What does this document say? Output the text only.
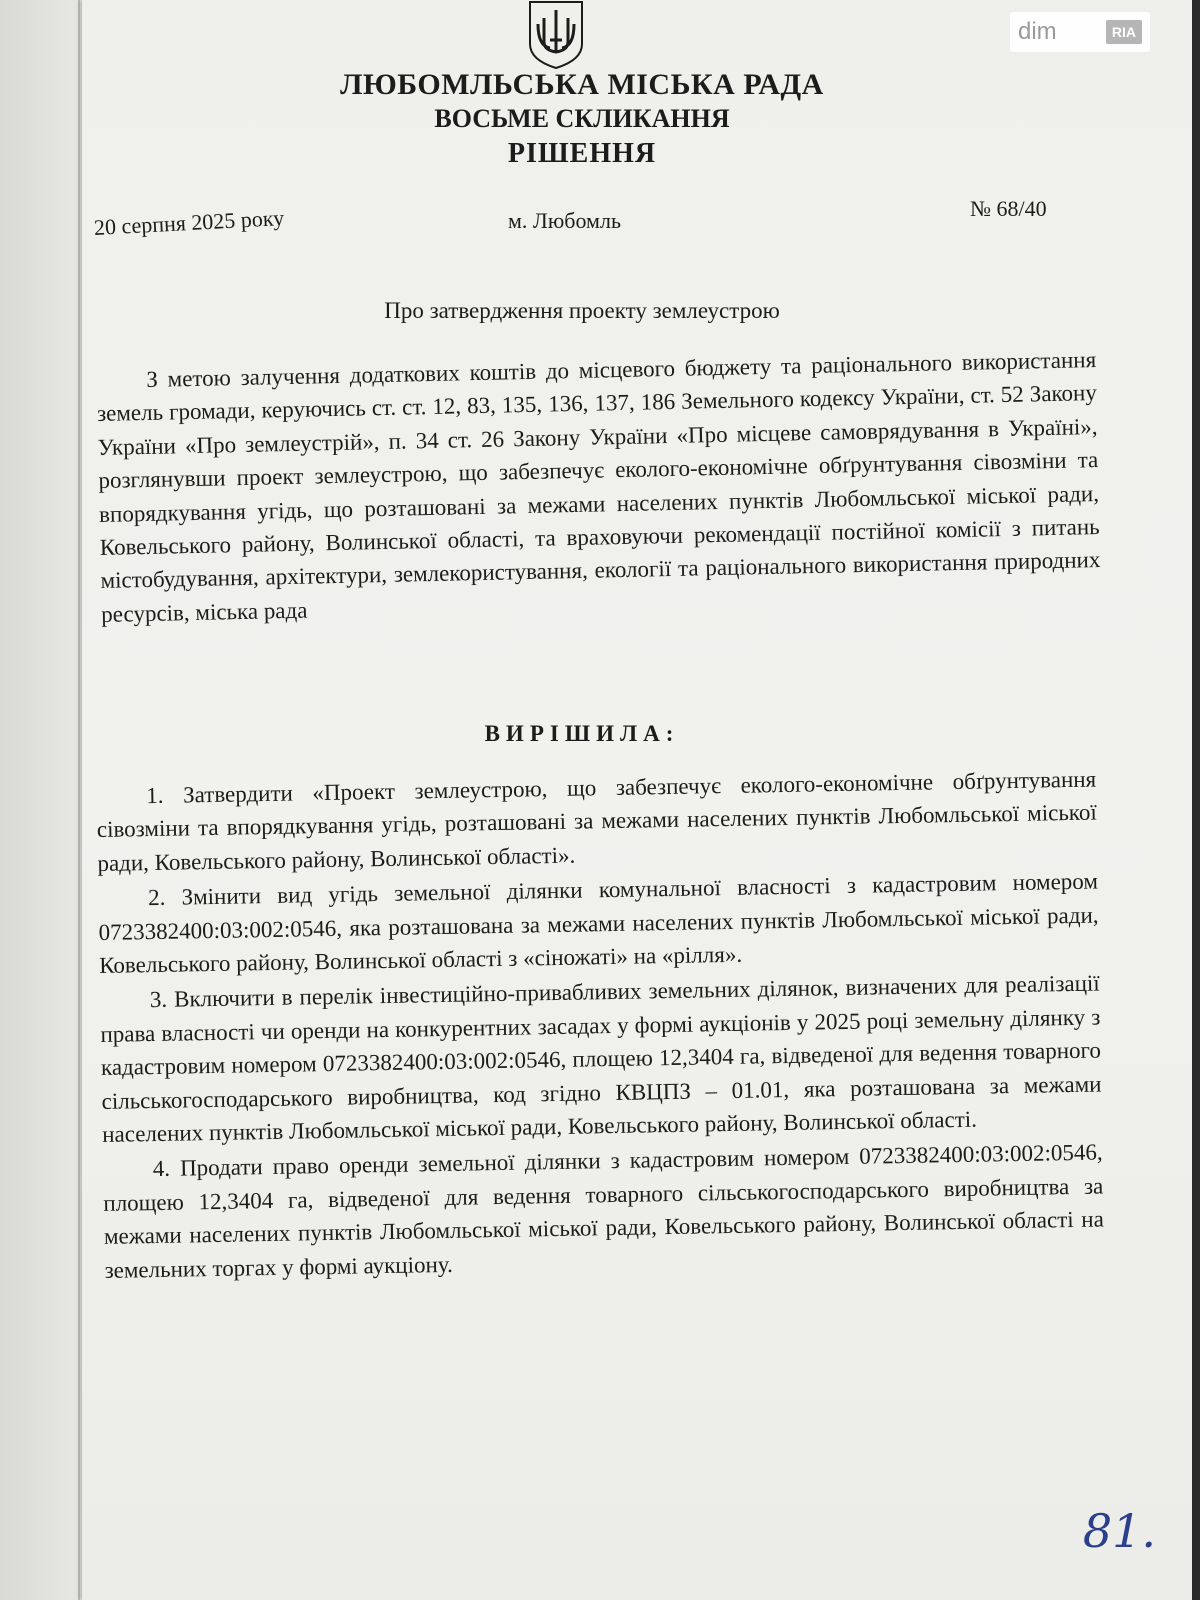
dim	RIA
ЛЮБОМЛЬСЬКА МІСЬКА РАДА
ВОСЬМЕ СКЛИКАННЯ
РІШЕННЯ
20 серпня 2025 року	м. Любомль	№ 68/40
Про затвердження проекту землеустрою

З метою залучення додаткових коштів до місцевого бюджету та раціонального використання земель громади, керуючись ст. ст. 12, 83, 135, 136, 137, 186 Земельного кодексу України, ст. 52 Закону України «Про землеустрій», п. 34 ст. 26 Закону України «Про місцеве самоврядування в Україні», розглянувши проект землеустрою, що забезпечує еколого-економічне обґрунтування сівозміни та впорядкування угідь, що розташовані за межами населених пунктів Любомльської міської ради, Ковельського району, Волинської області, та враховуючи рекомендації постійної комісії з питань містобудування, архітектури, землекористування, екології та раціонального використання природних ресурсів, міська рада

ВИРІШИЛА:

1. Затвердити «Проект землеустрою, що забезпечує еколого-економічне обґрунтування сівозміни та впорядкування угідь, розташовані за межами населених пунктів Любомльської міської ради, Ковельського району, Волинської області».

2. Змінити вид угідь земельної ділянки комунальної власності з кадастровим номером 0723382400:03:002:0546, яка розташована за межами населених пунктів Любомльської міської ради, Ковельського району, Волинської області з «сіножаті» на «рілля».

3. Включити в перелік інвестиційно-привабливих земельних ділянок, визначених для реалізації права власності чи оренди на конкурентних засадах у формі аукціонів у 2025 році земельну ділянку з кадастровим номером 0723382400:03:002:0546, площею 12,3404 га, відведеної для ведення товарного сільськогосподарського виробництва, код згідно КВЦПЗ – 01.01, яка розташована за межами населених пунктів Любомльської міської ради, Ковельського району, Волинської області.

4. Продати право оренди земельної ділянки з кадастровим номером 0723382400:03:002:0546, площею 12,3404 га, відведеної для ведення товарного сільськогосподарського виробництва за межами населених пунктів Любомльської міської ради, Ковельського району, Волинської області на земельних торгах у формі аукціону.

81.
